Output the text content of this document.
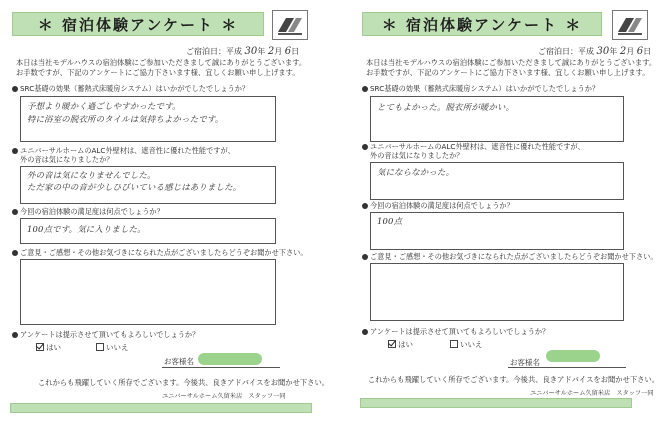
＊ 宿泊体験アンケート ＊
ご宿泊日：平成 30年 2月 6日
本日は当社モデルハウスの宿泊体験にご参加いただきまして誠にありがとうございます。
お手数ですが、下記のアンケートにご協力下さいます様、宜しくお願い申し上げます。
SRC基礎の効果（蓄熱式床暖房システム）はいかがでしたでしょうか？
予想より暖かく過ごしやすかったです。
特に浴室の脱衣所のタイルは気持ちよかったです。
ユニバーサルホームのALC外壁材は、遮音性に優れた性能ですが、
外の音は気になりましたか？
外の音は気になりませんでした。
ただ家の中の音が少しひびいている感じはありました。
今回の宿泊体験の満足度は何点でしょうか？
100点です。気に入りました。
ご意見・ご感想・その他お気づきになられた点がございましたらどうぞお聞かせ下さい。
アンケートは提示させて頂いてもよろしいでしょうか？
はい	いいえ
お客様名
これからも飛躍していく所存でございます。今後共、良きアドバイスをお聞かせ下さい。
ユニバーサルホーム久留米店　スタッフ一同
＊ 宿泊体験アンケート ＊
ご宿泊日：平成 30年 2月 6日
本日は当社モデルハウスの宿泊体験にご参加いただきまして誠にありがとうございます。
お手数ですが、下記のアンケートにご協力下さいます様、宜しくお願い申し上げます。
SRC基礎の効果（蓄熱式床暖房システム）はいかがでしたでしょうか？
とてもよかった。脱衣所が暖かい。
ユニバーサルホームのALC外壁材は、遮音性に優れた性能ですが、
外の音は気になりましたか？
気にならなかった。
今回の宿泊体験の満足度は何点でしょうか？
100点
ご意見・ご感想・その他お気づきになられた点がございましたらどうぞお聞かせ下さい。
アンケートは提示させて頂いてもよろしいでしょうか？
はい	いいえ
お客様名
これからも飛躍していく所存でございます。今後共、良きアドバイスをお聞かせ下さい。
ユニバーサルホーム久留米店　スタッフ一同
